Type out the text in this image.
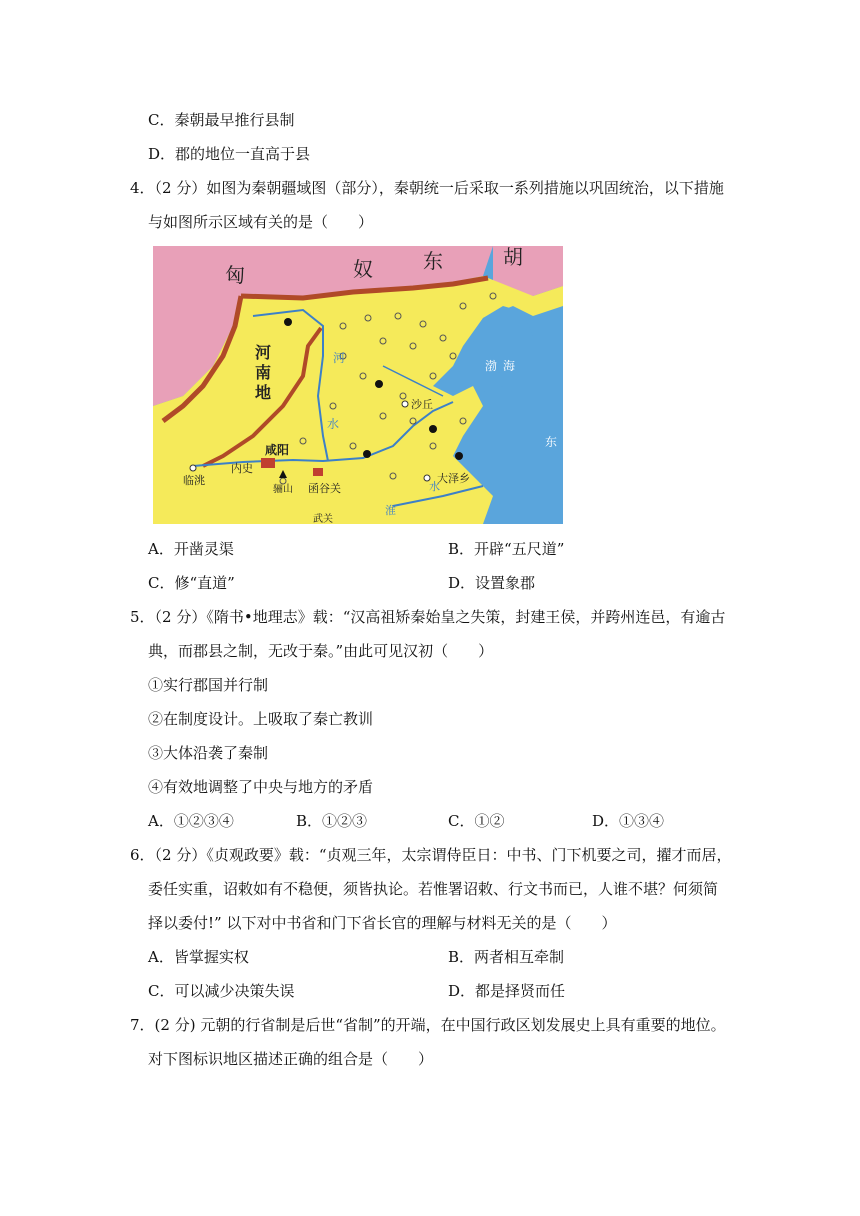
C．秦朝最早推行县制
D．郡的地位一直高于县
4．（2 分）如图为秦朝疆域图（部分），秦朝统一后采取一系列措施以巩固统治，以下措施
与如图所示区域有关的是（　　）
匈	奴	东	胡
河
南
地
河
水
渤 海
沙丘
咸阳
内史
临洮
骊山 函谷关
武关
大泽乡
淮
水
东
A．开凿灵渠	B．开辟“五尺道”
C．修“直道”	D．设置象郡
5．（2 分）《隋书•地理志》载：“汉高祖矫秦始皇之失策，封建王侯，并跨州连邑，有逾古
典，而郡县之制，无改于秦。”由此可见汉初（　　）
①实行郡国并行制
②在制度设计。上吸取了秦亡教训
③大体沿袭了秦制
④有效地调整了中央与地方的矛盾
A．①②③④	B．①②③	C．①②	D．①③④
6．（2 分）《贞观政要》载：“贞观三年，太宗谓侍臣日：中书、门下机要之司，擢才而居，
委任实重，诏敕如有不稳便，须皆执论。若惟署诏敕、行文书而已，人谁不堪？何须简
择以委付!” 以下对中书省和门下省长官的理解与材料无关的是（　　）
A．皆掌握实权	B．两者相互牵制
C．可以减少决策失误	D．都是择贤而任
7．(2 分) 元朝的行省制是后世“省制”的开端，在中国行政区划发展史上具有重要的地位。
对下图标识地区描述正确的组合是（　　）
